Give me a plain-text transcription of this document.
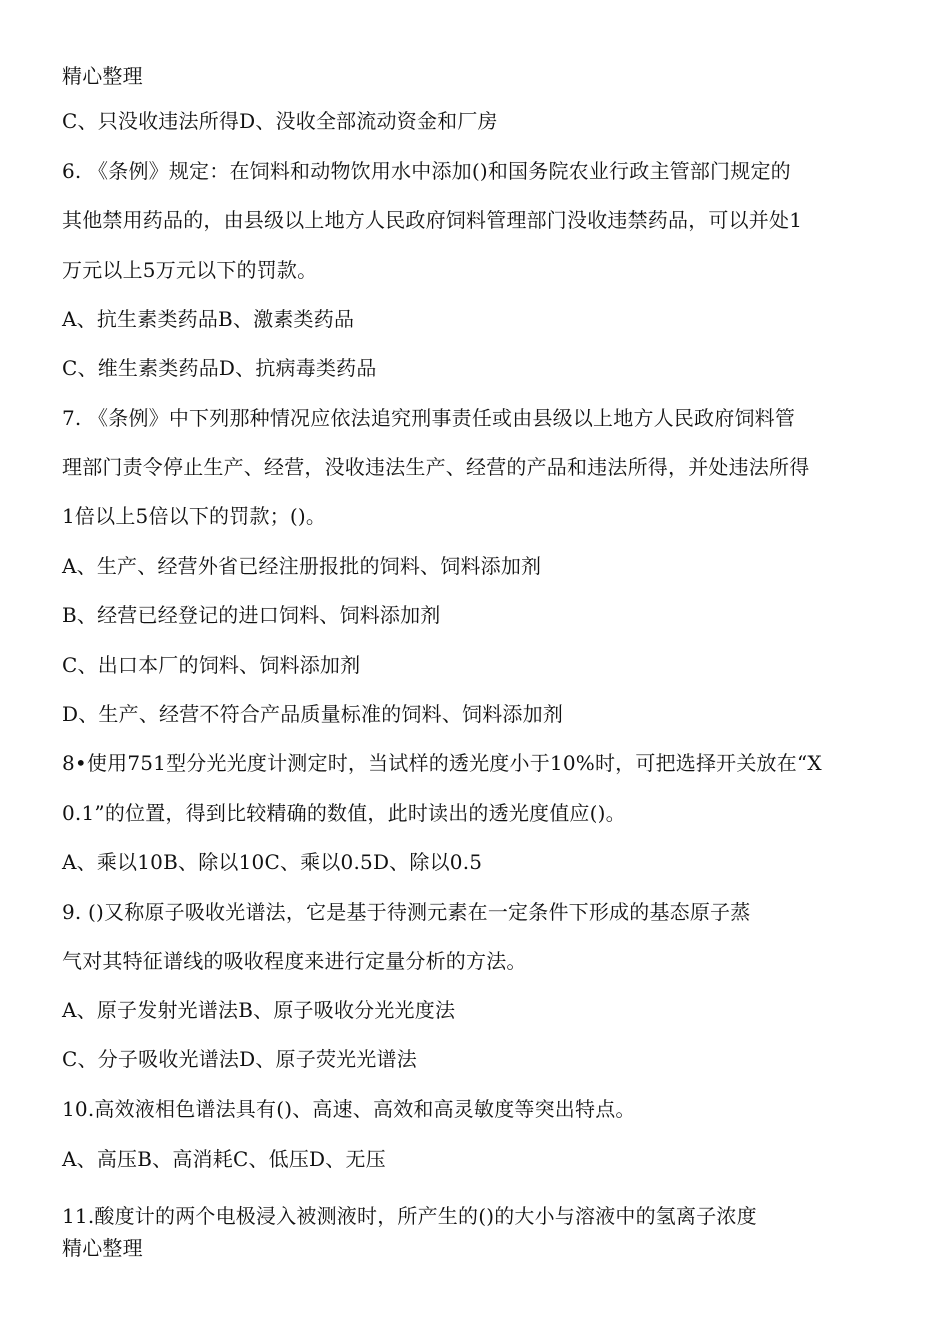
精心整理
C、只没收违法所得D、没收全部流动资金和厂房
6. 《条例》规定：在饲料和动物饮用水中添加()和国务院农业行政主管部门规定的
其他禁用药品的，由县级以上地方人民政府饲料管理部门没收违禁药品，可以并处1
万元以上5万元以下的罚款。
A、抗生素类药品B、激素类药品
C、维生素类药品D、抗病毒类药品
7. 《条例》中下列那种情况应依法追究刑事责任或由县级以上地方人民政府饲料管
理部门责令停止生产、经营，没收违法生产、经营的产品和违法所得，并处违法所得
1倍以上5倍以下的罚款；()。
A、生产、经营外省已经注册报批的饲料、饲料添加剂
B、经营已经登记的进口饲料、饲料添加剂
C、出口本厂的饲料、饲料添加剂
D、生产、经营不符合产品质量标准的饲料、饲料添加剂
8•使用751型分光光度计测定时，当试样的透光度小于10%时，可把选择开关放在“X
0.1”的位置，得到比较精确的数值，此时读出的透光度值应()。
A、乘以10B、除以10C、乘以0.5D、除以0.5
9. ()又称原子吸收光谱法，它是基于待测元素在一定条件下形成的基态原子蒸
气对其特征谱线的吸收程度来进行定量分析的方法。
A、原子发射光谱法B、原子吸收分光光度法
C、分子吸收光谱法D、原子荧光光谱法
10.高效液相色谱法具有()、高速、高效和高灵敏度等突出特点。
A、高压B、高消耗C、低压D、无压
11.酸度计的两个电极浸入被测液时，所产生的()的大小与溶液中的氢离子浓度
精心整理
